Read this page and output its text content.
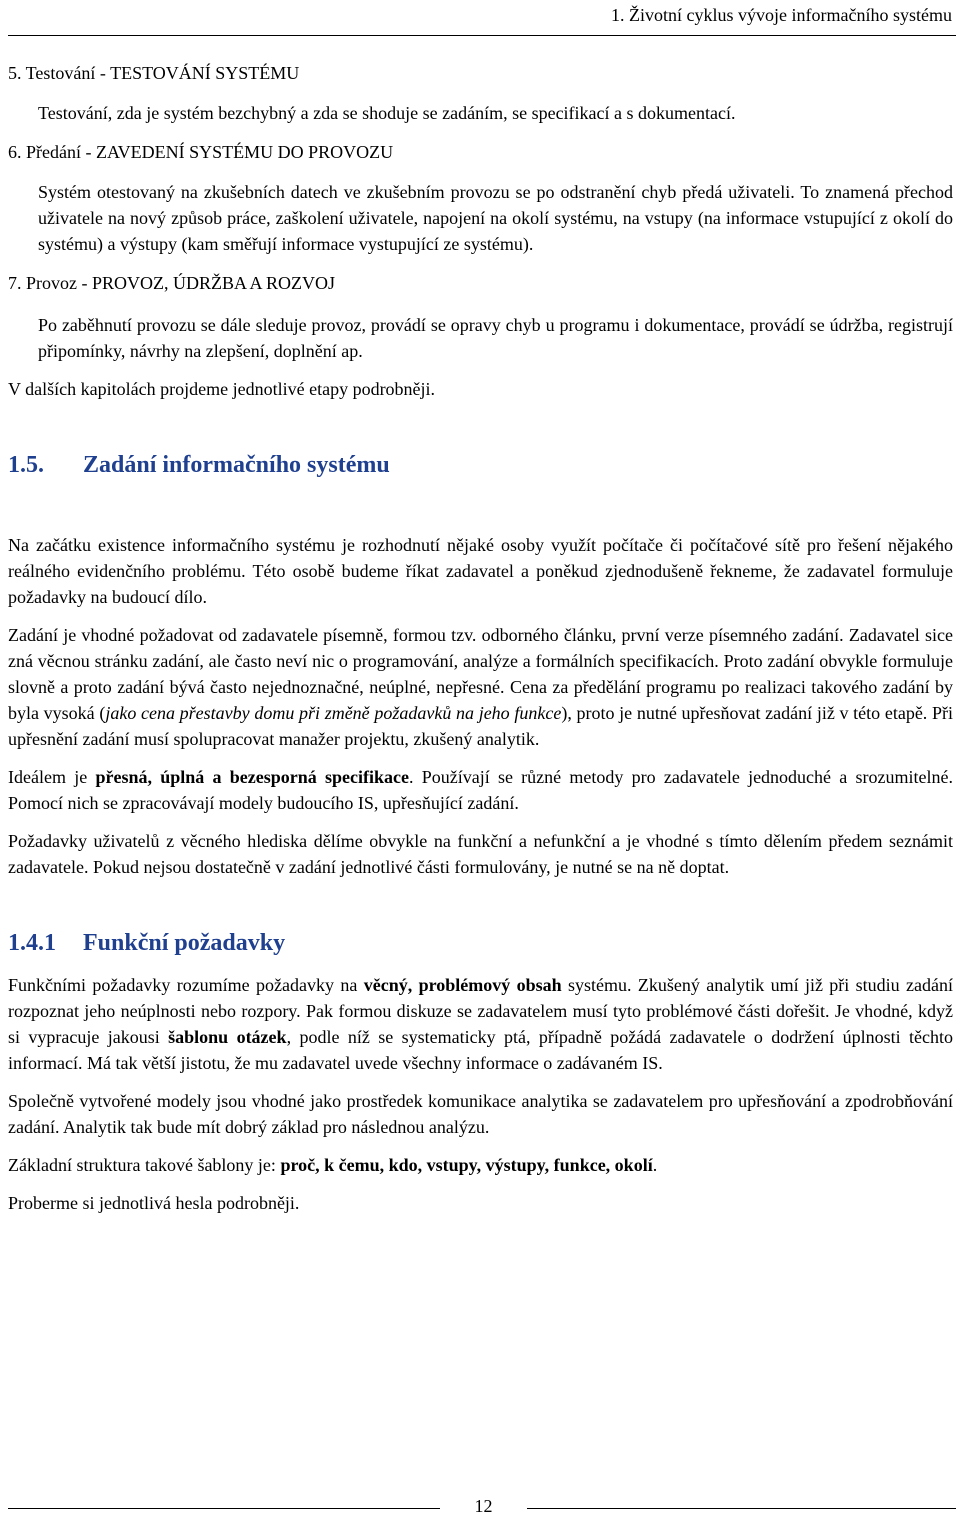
1. Životní cyklus vývoje informačního systému
5. Testování - TESTOVÁNÍ SYSTÉMU

Testování, zda je systém bezchybný a zda se shoduje se zadáním, se specifikací a s dokumentací.

6. Předání - ZAVEDENÍ SYSTÉMU DO PROVOZU

Systém otestovaný na zkušebních datech ve zkušebním provozu se po odstranění chyb předá uživateli. To znamená přechod uživatele na nový způsob práce, zaškolení uživatele, napojení na okolí systému, na vstupy (na informace vstupující z okolí do systému) a výstupy (kam směřují informace vystupující ze systému).

7. Provoz - PROVOZ, ÚDRŽBA A ROZVOJ

Po zaběhnutí provozu se dále sleduje provoz, provádí se opravy chyb u programu i dokumentace, provádí se údržba, registrují připomínky, návrhy na zlepšení, doplnění ap.

V dalších kapitolách projdeme jednotlivé etapy podrobněji.

1.5. Zadání informačního systému

Na začátku existence informačního systému je rozhodnutí nějaké osoby využít počítače či počítačové sítě pro řešení nějakého reálného evidenčního problému. Této osobě budeme říkat zadavatel a poněkud zjednodušeně řekneme, že zadavatel formuluje požadavky na budoucí dílo.

Zadání je vhodné požadovat od zadavatele písemně, formou tzv. odborného článku, první verze písemného zadání. Zadavatel sice zná věcnou stránku zadání, ale často neví nic o programování, analýze a formálních specifikacích. Proto zadání obvykle formuluje slovně a proto zadání bývá často nejednoznačné, neúplné, nepřesné. Cena za předělání programu po realizaci takového zadání by byla vysoká (jako cena přestavby domu při změně požadavků na jeho funkce), proto je nutné upřesňovat zadání již v této etapě. Při upřesnění zadání musí spolupracovat manažer projektu, zkušený analytik.

Ideálem je přesná, úplná a bezesporná specifikace. Používají se různé metody pro zadavatele jednoduché a srozumitelné. Pomocí nich se zpracovávají modely budoucího IS, upřesňující zadání.

Požadavky uživatelů z věcného hlediska dělíme obvykle na funkční a nefunkční a je vhodné s tímto dělením předem seznámit zadavatele. Pokud nejsou dostatečně v zadání jednotlivé části formulovány, je nutné se na ně doptat.

1.4.1 Funkční požadavky

Funkčními požadavky rozumíme požadavky na věcný, problémový obsah systému. Zkušený analytik umí již při studiu zadání rozpoznat jeho neúplnosti nebo rozpory. Pak formou diskuze se zadavatelem musí tyto problémové části dořešit. Je vhodné, když si vypracuje jakousi šablonu otázek, podle níž se systematicky ptá, případně požádá zadavatele o dodržení úplnosti těchto informací. Má tak větší jistotu, že mu zadavatel uvede všechny informace o zadávaném IS.

Společně vytvořené modely jsou vhodné jako prostředek komunikace analytika se zadavatelem pro upřesňování a zpodrobňování zadání. Analytik tak bude mít dobrý základ pro následnou analýzu.

Základní struktura takové šablony je: proč, k čemu, kdo, vstupy, výstupy, funkce, okolí.

Proberme si jednotlivá hesla podrobněji.

12
